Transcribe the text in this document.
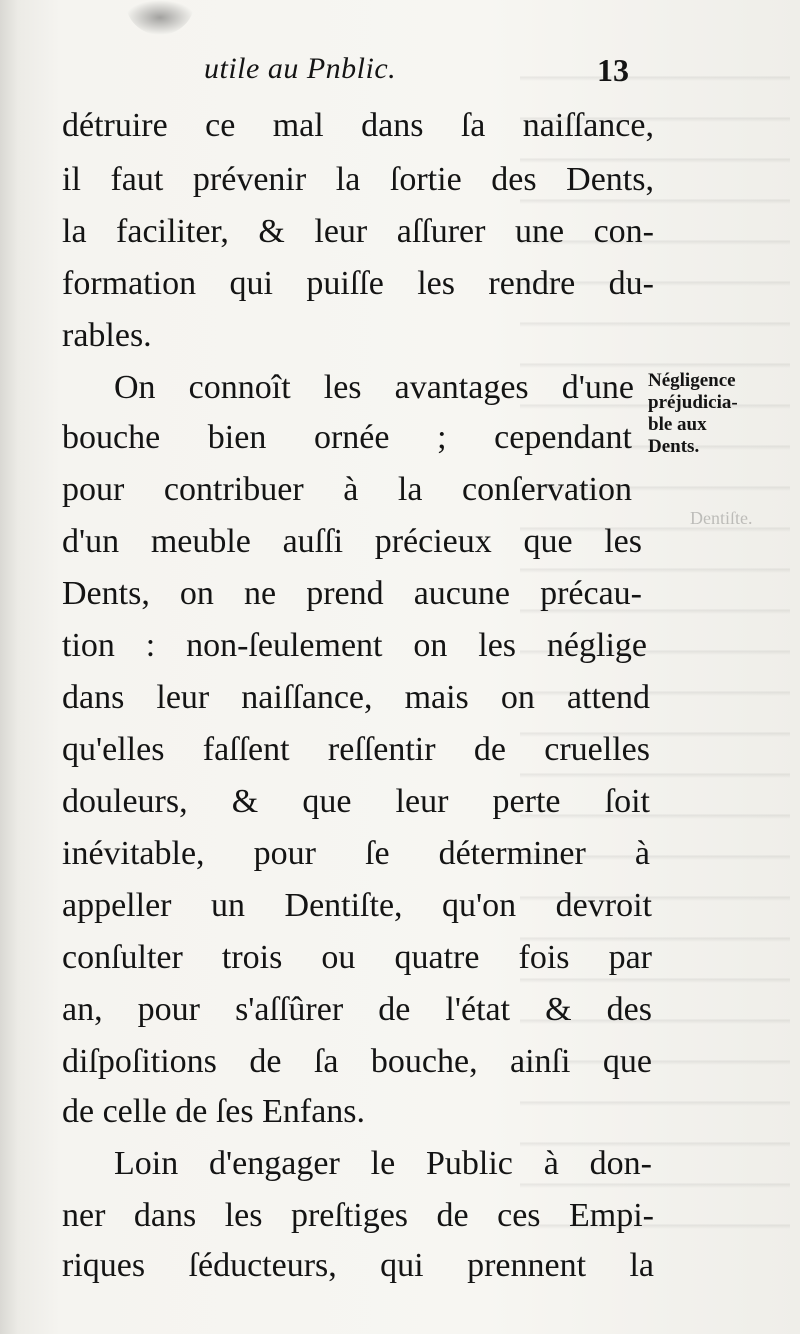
utile au Pnblic.	13
détruire ce mal dans ſa naiſſance,
il faut prévenir la ſortie des Dents,
la faciliter, & leur aſſurer une con-
formation qui puiſſe les rendre du-
rables.
On connoît les avantages d'une
bouche bien ornée ; cependant
pour contribuer à la conſervation
d'un meuble auſſi précieux que les
Dents, on ne prend aucune précau-
tion : non-ſeulement on les néglige
dans leur naiſſance, mais on attend
qu'elles faſſent reſſentir de cruelles
douleurs, & que leur perte ſoit
inévitable, pour ſe déterminer à
appeller un Dentiſte, qu'on devroit
conſulter trois ou quatre fois par
an, pour s'aſſûrer de l'état & des
diſpoſitions de ſa bouche, ainſi que
de celle de ſes Enfans.
Loin d'engager le Public à don-
ner dans les preſtiges de ces Empi-
riques ſéducteurs, qui prennent la
Négligence
préjudicia-
ble aux
Dents.
Dentiſte.
